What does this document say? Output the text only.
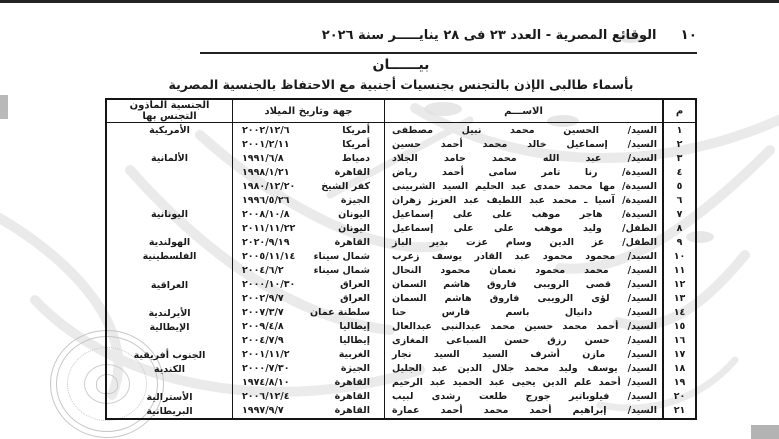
١٠
الوقائع المصرية - العدد ٢٣ فى ٢٨ ينايـــــر سنة ٢٠٢٦
بيــــــان
بأسماء طالبى الإذن بالتجنس بجنسيات أجنبية مع الاحتفاظ بالجنسية المصرية
م
١
٢
٣
٤
٥
٦
٧
٨
٩
١٠
١١
١٢
١٣
١٤
١٥
١٦
١٧
١٨
١٩
٢٠
٢١
الاســـم
السيد/ الحسين محمد نبيل مصطفى
السيد/ إسماعيل خالد محمد أحمد حسين
السيد/ عبد الله محمد حامد الجلاد
السيدة/ رنا تامر سامى أحمد رياض
السيدة/ مها محمد حمدى عبد الحليم السيد الشربينى
السيدة/ آسيا ـ محمد عبد اللطيف عبد العزيز زهران
السيدة/ هاجر موهب على على إسماعيل
الطفل/ وليد موهب على على إسماعيل
الطفل/ عز الدين وسام عزت بدير الباز
السيد/ محمود محمود عبد القادر يوسف زعرب
السيد/ محمد محمود نعمان محمود النحال
السيد/ قصى الرويبى فاروق هاشم السمان
السيد/ لؤى الرويبى فاروق هاشم السمان
السيد/ دانيال باسم فارس حنا
السيد/ أحمد محمد حسين محمد عبدالنبى عبدالعال
السيد/ حسن رزق حسن السباعى المغازى
السيد/ مازن أشرف السيد السيد نجار
السيد/ يوسف وليد محمد جلال الدين عبد الجليل
السيد/ أحمد علم الدين يحيى عبد الحميد عبد الرحيم
السيد/ فيلوباتير جورج طلعت رشدى لبيب
السيد/ إبراهيم أحمد محمد أحمد عمارة
جهة وتاريخ الميلاد
أمريكا
٢٠٠٢/١٢/٦
أمريكا
٢٠٠١/٢/١١
دمياط
١٩٩١/٦/٨
القاهرة
١٩٩٨/١/٢١
كفر الشيخ
١٩٨٠/١٢/٢٠
الجيزة
١٩٩٦/٥/٢٦
اليونان
٢٠٠٨/١٠/٨
اليونان
٢٠١١/١١/٢٢
القاهرة
٢٠٢٠/٩/١٩
شمال سيناء
٢٠٠٥/١١/١٤
شمال سيناء
٢٠٠٤/٦/٢
العراق
٢٠٠٠/١٠/٣٠
العراق
٢٠٠٢/٩/٧
سلطنة عمان
٢٠٠٧/٣/٧
إيطاليا
٢٠٠٩/٤/٨
إيطاليا
٢٠٠٤/٧/٩
الغربية
٢٠٠١/١١/٢
الجيزة
٢٠٠٠/٧/٣٠
القاهرة
١٩٧٤/٨/١٠
القاهرة
٢٠٠٦/١٢/٤
القاهرة
١٩٩٧/٩/٧
الجنسية المأذون
التجنس بها
الأمريكية
الألمانية
اليونانية
الهولندية
الفلسطينية
العراقية
الأيرلندية
الإيطالية
الجنوب أفريقية
الكندية
الأسترالية
البريطانية
